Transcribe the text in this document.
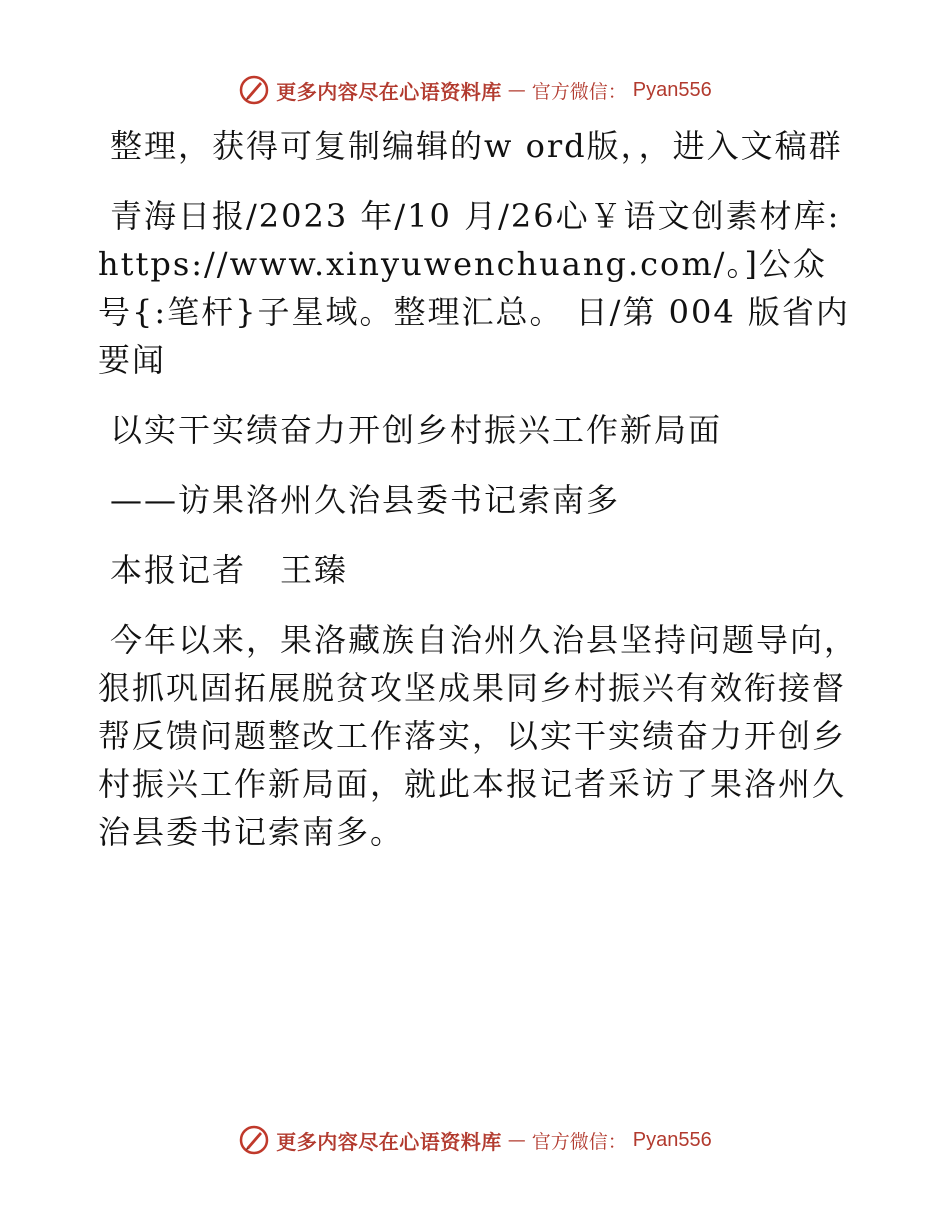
更多内容尽在心语资料库 — 官方微信： Pyan556

整理，获得可复制编辑的w ord版，，进入文稿群

青海日报/2023 年/10 月/26心￥语文创素材库: https://www.xinyuwenchuang.com/。]公众号{:笔杆}子星域。整理汇总。 日/第 004 版省内要闻

以实干实绩奋力开创乡村振兴工作新局面

——访果洛州久治县委书记索南多

本报记者　王臻

今年以来，果洛藏族自治州久治县坚持问题导向，狠抓巩固拓展脱贫攻坚成果同乡村振兴有效衔接督帮反馈问题整改工作落实，以实干实绩奋力开创乡村振兴工作新局面，就此本报记者采访了果洛州久治县委书记索南多。

更多内容尽在心语资料库 — 官方微信： Pyan556
